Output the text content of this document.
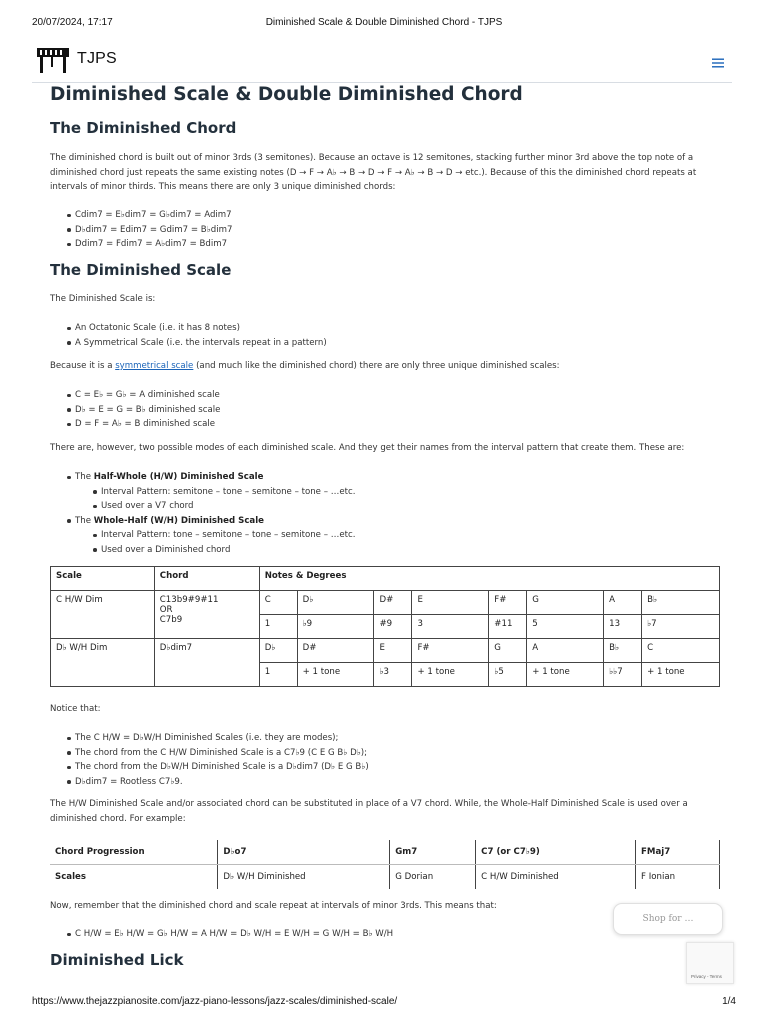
20/07/2024, 17:17	Diminished Scale & Double Diminished Chord - TJPS
TJPS
Diminished Scale & Double Diminished Chord
The Diminished Chord

The diminished chord is built out of minor 3rds (3 semitones). Because an octave is 12 semitones, stacking further minor 3rd above the top note of a diminished chord just repeats the same existing notes (D → F → A♭ → B → D → F → A♭ → B → D → etc.). Because of this the diminished chord repeats at intervals of minor thirds. This means there are only 3 unique diminished chords:

Cdim7 = E♭dim7 = G♭dim7 = Adim7
D♭dim7 = Edim7 = Gdim7 = B♭dim7
Ddim7 = Fdim7 = A♭dim7 = Bdim7
The Diminished Scale

The Diminished Scale is:

An Octatonic Scale (i.e. it has 8 notes)
A Symmetrical Scale (i.e. the intervals repeat in a pattern)

Because it is a symmetrical scale (and much like the diminished chord) there are only three unique diminished scales:

C = E♭ = G♭ = A diminished scale
D♭ = E = G = B♭ diminished scale
D = F = A♭ = B diminished scale

There are, however, two possible modes of each diminished scale. And they get their names from the interval pattern that create them. These are:

The Half-Whole (H/W) Diminished Scale
Interval Pattern: semitone – tone – semitone – tone – …etc.
Used over a V7 chord
The Whole-Half (W/H) Diminished Scale
Interval Pattern: tone – semitone – tone – semitone – …etc.
Used over a Diminished chord
Scale	Chord	Notes & Degrees							
C H/W Dim	C13b9#9#11
OR
C7b9	C	D♭	D#	E	F#	G	A	B♭
		1	♭9	#9	3	#11	5	13	♭7
D♭ W/H Dim	D♭dim7	D♭	D#	E	F#	G	A	B♭	C
		1	+ 1 tone	♭3	+ 1 tone	♭5	+ 1 tone	♭♭7	+ 1 tone

Notice that:

The C H/W = D♭W/H Diminished Scales (i.e. they are modes);
The chord from the C H/W Diminished Scale is a C7♭9 (C E G B♭ D♭);
The chord from the D♭W/H Diminished Scale is a D♭dim7 (D♭ E G B♭)
D♭dim7 = Rootless C7♭9.

The H/W Diminished Scale and/or associated chord can be substituted in place of a V7 chord. While, the Whole-Half Diminished Scale is used over a diminished chord. For example:

Chord Progression	D♭o7	Gm7	C7 (or C7♭9)	FMaj7
Scales	D♭ W/H Diminished	G Dorian	C H/W Diminished	F Ionian

Now, remember that the diminished chord and scale repeat at intervals of minor 3rds. This means that:

C H/W = E♭ H/W = G♭ H/W = A H/W = D♭ W/H = E W/H = G W/H = B♭ W/H
Diminished Lick
Shop for …
Privacy - Terms
https://www.thejazzpianosite.com/jazz-piano-lessons/jazz-scales/diminished-scale/	1/4
